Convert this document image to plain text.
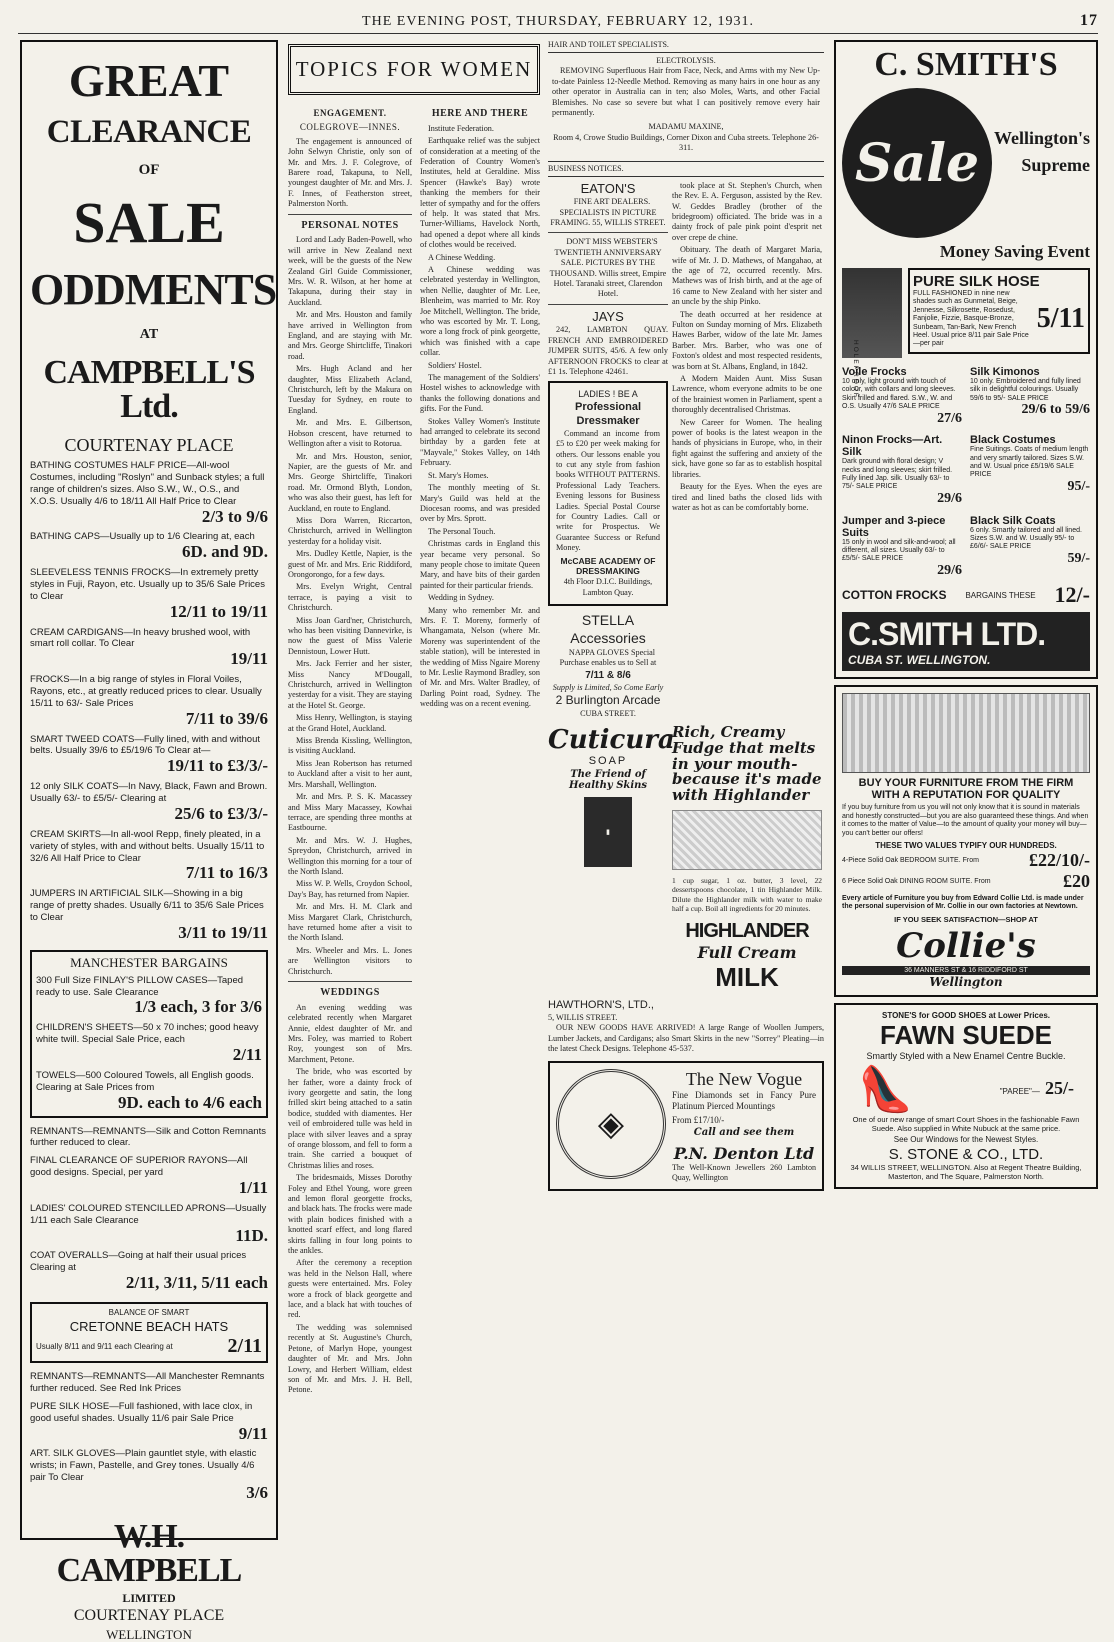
THE EVENING POST, THURSDAY, FEBRUARY 12, 1931.	17
GREAT
CLEARANCE
OF
SALE
ODDMENTS
AT
CAMPBELL'S Ltd.
COURTENAY PLACE
BATHING COSTUMES HALF PRICE—All-wool Costumes, including "Roslyn" and Sunback styles; a full range of children's sizes. Also S.W., W., O.S., and X.O.S. Usually 4/6 to 18/11 All Half Price to Clear
2/3 to 9/6
BATHING CAPS—Usually up to 1/6 Clearing at, each
6D. and 9D.
SLEEVELESS TENNIS FROCKS—In extremely pretty styles in Fuji, Rayon, etc. Usually up to 35/6 Sale Prices to Clear
12/11 to 19/11
CREAM CARDIGANS—In heavy brushed wool, with smart roll collar. To Clear
19/11
FROCKS—In a big range of styles in Floral Voiles, Rayons, etc., at greatly reduced prices to clear. Usually 15/11 to 63/- Sale Prices
7/11 to 39/6
SMART TWEED COATS—Fully lined, with and without belts. Usually 39/6 to £5/19/6 To Clear at—
19/11 to £3/3/-
12 only SILK COATS—In Navy, Black, Fawn and Brown. Usually 63/- to £5/5/- Clearing at
25/6 to £3/3/-
CREAM SKIRTS—In all-wool Repp, finely pleated, in a variety of styles, with and without belts. Usually 15/11 to 32/6 All Half Price to Clear
7/11 to 16/3
JUMPERS IN ARTIFICIAL SILK—Showing in a big range of pretty shades. Usually 6/11 to 35/6 Sale Prices to Clear
3/11 to 19/11
MANCHESTER BARGAINS
300 Full Size FINLAY'S PILLOW CASES—Taped ready to use. Sale Clearance
1/3 each, 3 for 3/6
CHILDREN'S SHEETS—50 x 70 inches; good heavy white twill. Special Sale Price, each
2/11
TOWELS—500 Coloured Towels, all English goods. Clearing at Sale Prices from
9D. each to 4/6 each
REMNANTS—REMNANTS—Silk and Cotton Remnants further reduced to clear.
FINAL CLEARANCE OF SUPERIOR RAYONS—All good designs. Special, per yard
1/11
LADIES' COLOURED STENCILLED APRONS—Usually 1/11 each Sale Clearance
11D.
COAT OVERALLS—Going at half their usual prices Clearing at
2/11, 3/11, 5/11 each
BALANCE OF SMART
CRETONNE BEACH HATS
Usually 8/11 and 9/11 each Clearing at	2/11
REMNANTS—REMNANTS—All Manchester Remnants further reduced. See Red Ink Prices
PURE SILK HOSE—Full fashioned, with lace clox, in good useful shades. Usually 11/6 pair Sale Price
9/11
ART. SILK GLOVES—Plain gauntlet style, with elastic wrists; in Fawn, Pastelle, and Grey tones. Usually 4/6 pair To Clear
3/6
W.H. CAMPBELL
LIMITED
COURTENAY PLACE
WELLINGTON
TOPICS FOR WOMEN
ENGAGEMENT.
COLEGROVE—INNES.

The engagement is announced of John Selwyn Christie, only son of Mr. and Mrs. J. F. Colegrove, of Barere road, Takapuna, to Nell, youngest daughter of Mr. and Mrs. J. F. Innes, of Featherston street, Palmerston North.

PERSONAL NOTES

Lord and Lady Baden-Powell, who will arrive in New Zealand next week, will be the guests of the New Zealand Girl Guide Commissioner, Mrs. W. R. Wilson, at her home at Takapuna, during their stay in Auckland.

Mr. and Mrs. Houston and family have arrived in Wellington from England, and are staying with Mr. and Mrs. George Shirtcliffe, Tinakori road.

Mrs. Hugh Acland and her daughter, Miss Elizabeth Acland, Christchurch, left by the Makura on Tuesday for Sydney, en route to England.

Mr. and Mrs. E. Gilbertson, Hobson crescent, have returned to Wellington after a visit to Rotorua.

Mr. and Mrs. Houston, senior, Napier, are the guests of Mr. and Mrs. George Shirtcliffe, Tinakori road. Mr. Ormond Blyth, London, who was also their guest, has left for Auckland, en route to England.

Miss Dora Warren, Riccarton, Christchurch, arrived in Wellington yesterday for a holiday visit.

Mrs. Dudley Kettle, Napier, is the guest of Mr. and Mrs. Eric Riddiford, Orongorongo, for a few days.

Mrs. Evelyn Wright, Central terrace, is paying a visit to Christchurch.

Miss Joan Gard'ner, Christchurch, who has been visiting Dannevirke, is now the guest of Miss Valerie Dennistoun, Lower Hutt.

Mrs. Jack Ferrier and her sister, Miss Nancy M'Dougall, Christchurch, arrived in Wellington yesterday for a visit. They are staying at the Hotel St. George.

Miss Henry, Wellington, is staying at the Grand Hotel, Auckland.

Miss Brenda Kissling, Wellington, is visiting Auckland.

Miss Jean Robertson has returned to Auckland after a visit to her aunt, Mrs. Marshall, Wellington.

Mr. and Mrs. P. S. K. Macassey and Miss Mary Macassey, Kowhai terrace, are spending three months at Eastbourne.

Mr. and Mrs. W. J. Hughes, Spreydon, Christchurch, arrived in Wellington this morning for a tour of the North Island.

Miss W. P. Wells, Croydon School, Day's Bay, has returned from Napier.

Mr. and Mrs. H. M. Clark and Miss Margaret Clark, Christchurch, have returned home after a visit to the North Island.

Mrs. Wheeler and Mrs. L. Jones are Wellington visitors to Christchurch.

WEDDINGS

An evening wedding was celebrated recently when Margaret Annie, eldest daughter of Mr. and Mrs. Foley, was married to Robert Roy, youngest son of Mrs. Marchment, Petone.

The bride, who was escorted by her father, wore a dainty frock of ivory georgette and satin, the long frilled skirt being attached to a satin bodice, studded with diamentes. Her veil of embroidered tulle was held in place with silver leaves and a spray of orange blossom, and fell to form a train. She carried a bouquet of Christmas lilies and roses.

The bridesmaids, Misses Dorothy Foley and Ethel Young, wore green and lemon floral georgette frocks, and black hats. The frocks were made with plain bodices finished with a knotted scarf effect, and long flared skirts falling in four long points to the ankles.

After the ceremony a reception was held in the Nelson Hall, where guests were entertained. Mrs. Foley wore a frock of black georgette and lace, and a black hat with touches of red.

The wedding was solemnised recently at St. Augustine's Church, Petone, of Marlyn Hope, youngest daughter of Mr. and Mrs. John Lowry, and Herbert William, eldest son of Mr. and Mrs. J. H. Bell, Petone.

HERE AND THERE

Institute Federation.

Earthquake relief was the subject of consideration at a meeting of the Federation of Country Women's Institutes, held at Geraldine. Miss Spencer (Hawke's Bay) wrote thanking the members for their letter of sympathy and for the offers of help. It was stated that Mrs. Turner-Williams, Havelock North, had opened a depot where all kinds of clothes would be received.

A Chinese Wedding.

A Chinese wedding was celebrated yesterday in Wellington, when Nellie, daughter of Mr. Lee, Blenheim, was married to Mr. Roy Joe Mitchell, Wellington. The bride, who was escorted by Mr. T. Long, wore a long frock of pink georgette, which was finished with a cape collar.

Soldiers' Hostel.

The management of the Soldiers' Hostel wishes to acknowledge with thanks the following donations and gifts. For the Fund.

Stokes Valley Women's Institute had arranged to celebrate its second birthday by a garden fete at "Mayvale," Stokes Valley, on 14th February.

St. Mary's Homes.

The monthly meeting of St. Mary's Guild was held at the Diocesan rooms, and was presided over by Mrs. Sprott.

The Personal Touch.

Christmas cards in England this year became very personal. So many people chose to imitate Queen Mary, and have bits of their garden painted for their particular friends.

Wedding in Sydney.

Many who remember Mr. and Mrs. F. T. Moreny, formerly of Whangamata, Nelson (where Mr. Moreny was superintendent of the stable station), will be interested in the wedding of Miss Ngaire Moreny to Mr. Leslie Raymond Bradley, son of Mr. and Mrs. Walter Bradley, of Darling Point road, Sydney. The wedding was on a recent evening.

HAIR AND TOILET SPECIALISTS.
ELECTROLYSIS.

REMOVING Superfluous Hair from Face, Neck, and Arms with my New Up-to-date Painless 12-Needle Method. Removing as many hairs in one hour as any other operator in Australia can in ten; also Moles, Warts, and other Facial Blemishes. No case so severe but what I can positively remove every hair permanently.

MADAMU MAXINE,
Room 4, Crowe Studio Buildings, Corner Dixon and Cuba streets. Telephone 26-311.
BUSINESS NOTICES.
EATON'S

FINE ART DEALERS. SPECIALISTS IN PICTURE FRAMING. 55, WILLIS STREET.

DON'T MISS WEBSTER'S TWENTIETH ANNIVERSARY SALE. PICTURES BY THE THOUSAND. Willis street, Empire Hotel. Taranaki street, Clarendon Hotel.

JAYS

242, LAMBTON QUAY. FRENCH AND EMBROIDERED JUMPER SUITS, 45/6. A few only AFTERNOON FROCKS to clear at £1 1s. Telephone 42461.

LADIES ! BE A
Professional Dressmaker

Command an income from £5 to £20 per week making for others. Our lessons enable you to cut any style from fashion books WITHOUT PATTERNS. Professional Lady Teachers. Evening lessons for Business Ladies. Special Postal Course for Country Ladies. Call or write for Prospectus. We Guarantee Success or Refund Money.

McCABE ACADEMY OF DRESSMAKING
4th Floor D.I.C. Buildings, Lambton Quay.
STELLA Accessories

NAPPA GLOVES Special Purchase enables us to Sell at

7/11 & 8/6
Supply is Limited, So Come Early
2 Burlington Arcade
CUBA STREET.

took place at St. Stephen's Church, when the Rev. E. A. Ferguson, assisted by the Rev. W. Geddes Bradley (brother of the bridegroom) officiated. The bride was in a dainty frock of pale pink point d'esprit net over crepe de chine.

Obituary. The death of Margaret Maria, wife of Mr. J. D. Mathews, of Mangahao, at the age of 72, occurred recently. Mrs. Mathews was of Irish birth, and at the age of 16 came to New Zealand with her sister and an uncle by the ship Pinko.

The death occurred at her residence at Fulton on Sunday morning of Mrs. Elizabeth Hawes Barber, widow of the late Mr. James Barber. Mrs. Barber, who was one of Foxton's oldest and most respected residents, was born at St. Albans, England, in 1842.

A Modern Maiden Aunt. Miss Susan Lawrence, whom everyone admits to be one of the brainiest women in Parliament, spent a thoroughly decentralised Christmas.

New Career for Women. The healing power of books is the latest weapon in the hands of physicians in Europe, who, in their fight against the suffering and anxiety of the sick, have gone so far as to establish hospital libraries.

Beauty for the Eyes. When the eyes are tired and lined baths the closed lids with water as hot as can be comfortably borne.

Cuticura
SOAP
The Friend of Healthy Skins
▮
Rich, Creamy Fudge that melts in your mouth-because it's made with Highlander
1 cup sugar, 1 oz. butter, 3 level, 22 dessertspoons chocolate, 1 tin Highlander Milk. Dilute the Highlander milk with water to make half a cup. Boil all ingredients for 20 minutes.
HIGHLANDER
Full Cream
MILK
HAWTHORN'S, LTD.,
5, WILLIS STREET.

OUR NEW GOODS HAVE ARRIVED! A large Range of Woollen Jumpers, Lumber Jackets, and Cardigans; also Smart Skirts in the new "Sorrey" Pleating—in the latest Check Designs. Telephone 45-537.

◈
The New Vogue
Fine Diamonds set in Fancy Pure Platinum Pierced Mountings
From £17/10/-
Call and see them
P.N. Denton Ltd
The Well-Known Jewellers 260 Lambton Quay, Wellington
C. SMITH'S
Sale Wellington's
Supreme
Money Saving Event
PURE SILK HOSE
FULL FASHIONED in nine new shades such as Gunmetal, Beige, Jennesse, Silkrosette, Rosedust, Fanjolie, Fizzie, Basque-Bronze, Sunbeam, Tan-Bark, New French Heel. Usual price 8/11 pair Sale Price—per pair
5/11
HOLEPROOF
Voile Frocks
10 only, light ground with touch of colour, with collars and long sleeves. Skirt frilled and flared. S.W., W. and O.S. Usually 47/6 SALE PRICE
27/6
Silk Kimonos
10 only. Embroidered and fully lined silk in delightful colourings. Usually 59/6 to 95/- SALE PRICE
29/6 to 59/6
Ninon Frocks—Art. Silk
Dark ground with floral design; V necks and long sleeves; skirt frilled. Fully lined Jap. silk. Usually 63/- to 75/- SALE PRICE
29/6
Black Costumes
Fine Suitings. Coats of medium length and very smartly tailored. Sizes S.W. and W. Usual price £5/19/6 SALE PRICE
95/-
Jumper and 3-piece Suits
15 only in wool and silk-and-wool; all different, all sizes. Usually 63/- to £5/5/- SALE PRICE
29/6
Black Silk Coats
6 only. Smartly tailored and all lined. Sizes S.W. and W. Usually 95/- to £6/6/- SALE PRICE
59/-
COTTON FROCKS BARGAINS THESE 12/-
C.SMITH LTD.
CUBA ST. WELLINGTON.
BUY YOUR FURNITURE FROM THE FIRM
WITH A REPUTATION FOR QUALITY
If you buy furniture from us you will not only know that it is sound in materials and honestly constructed—but you are also guaranteed these things. And when it comes to the matter of Value—to the amount of quality your money will buy—you can't better our offers!
THESE TWO VALUES TYPIFY OUR HUNDREDS.
4-Piece Solid Oak BEDROOM SUITE. From	£22/10/-
6 Piece Solid Oak DINING ROOM SUITE. From	£20
Every article of Furniture you buy from Edward Collie Ltd. is made under the personal supervision of Mr. Collie in our own factories at Newtown.
IF YOU SEEK SATISFACTION—SHOP AT
Collie's
36 MANNERS ST & 16 RIDDIFORD ST
Wellington
STONE'S for GOOD SHOES at Lower Prices.
FAWN SUEDE
Smartly Styled with a New Enamel Centre Buckle.
👠	"PAREE"— 25/-
One of our new range of smart Court Shoes in the fashionable Fawn Suede. Also supplied in White Nubuck at the same price.
See Our Windows for the Newest Styles.
S. STONE & CO., LTD.
34 WILLIS STREET, WELLINGTON. Also at Regent Theatre Building, Masterton, and The Square, Palmerston North.
